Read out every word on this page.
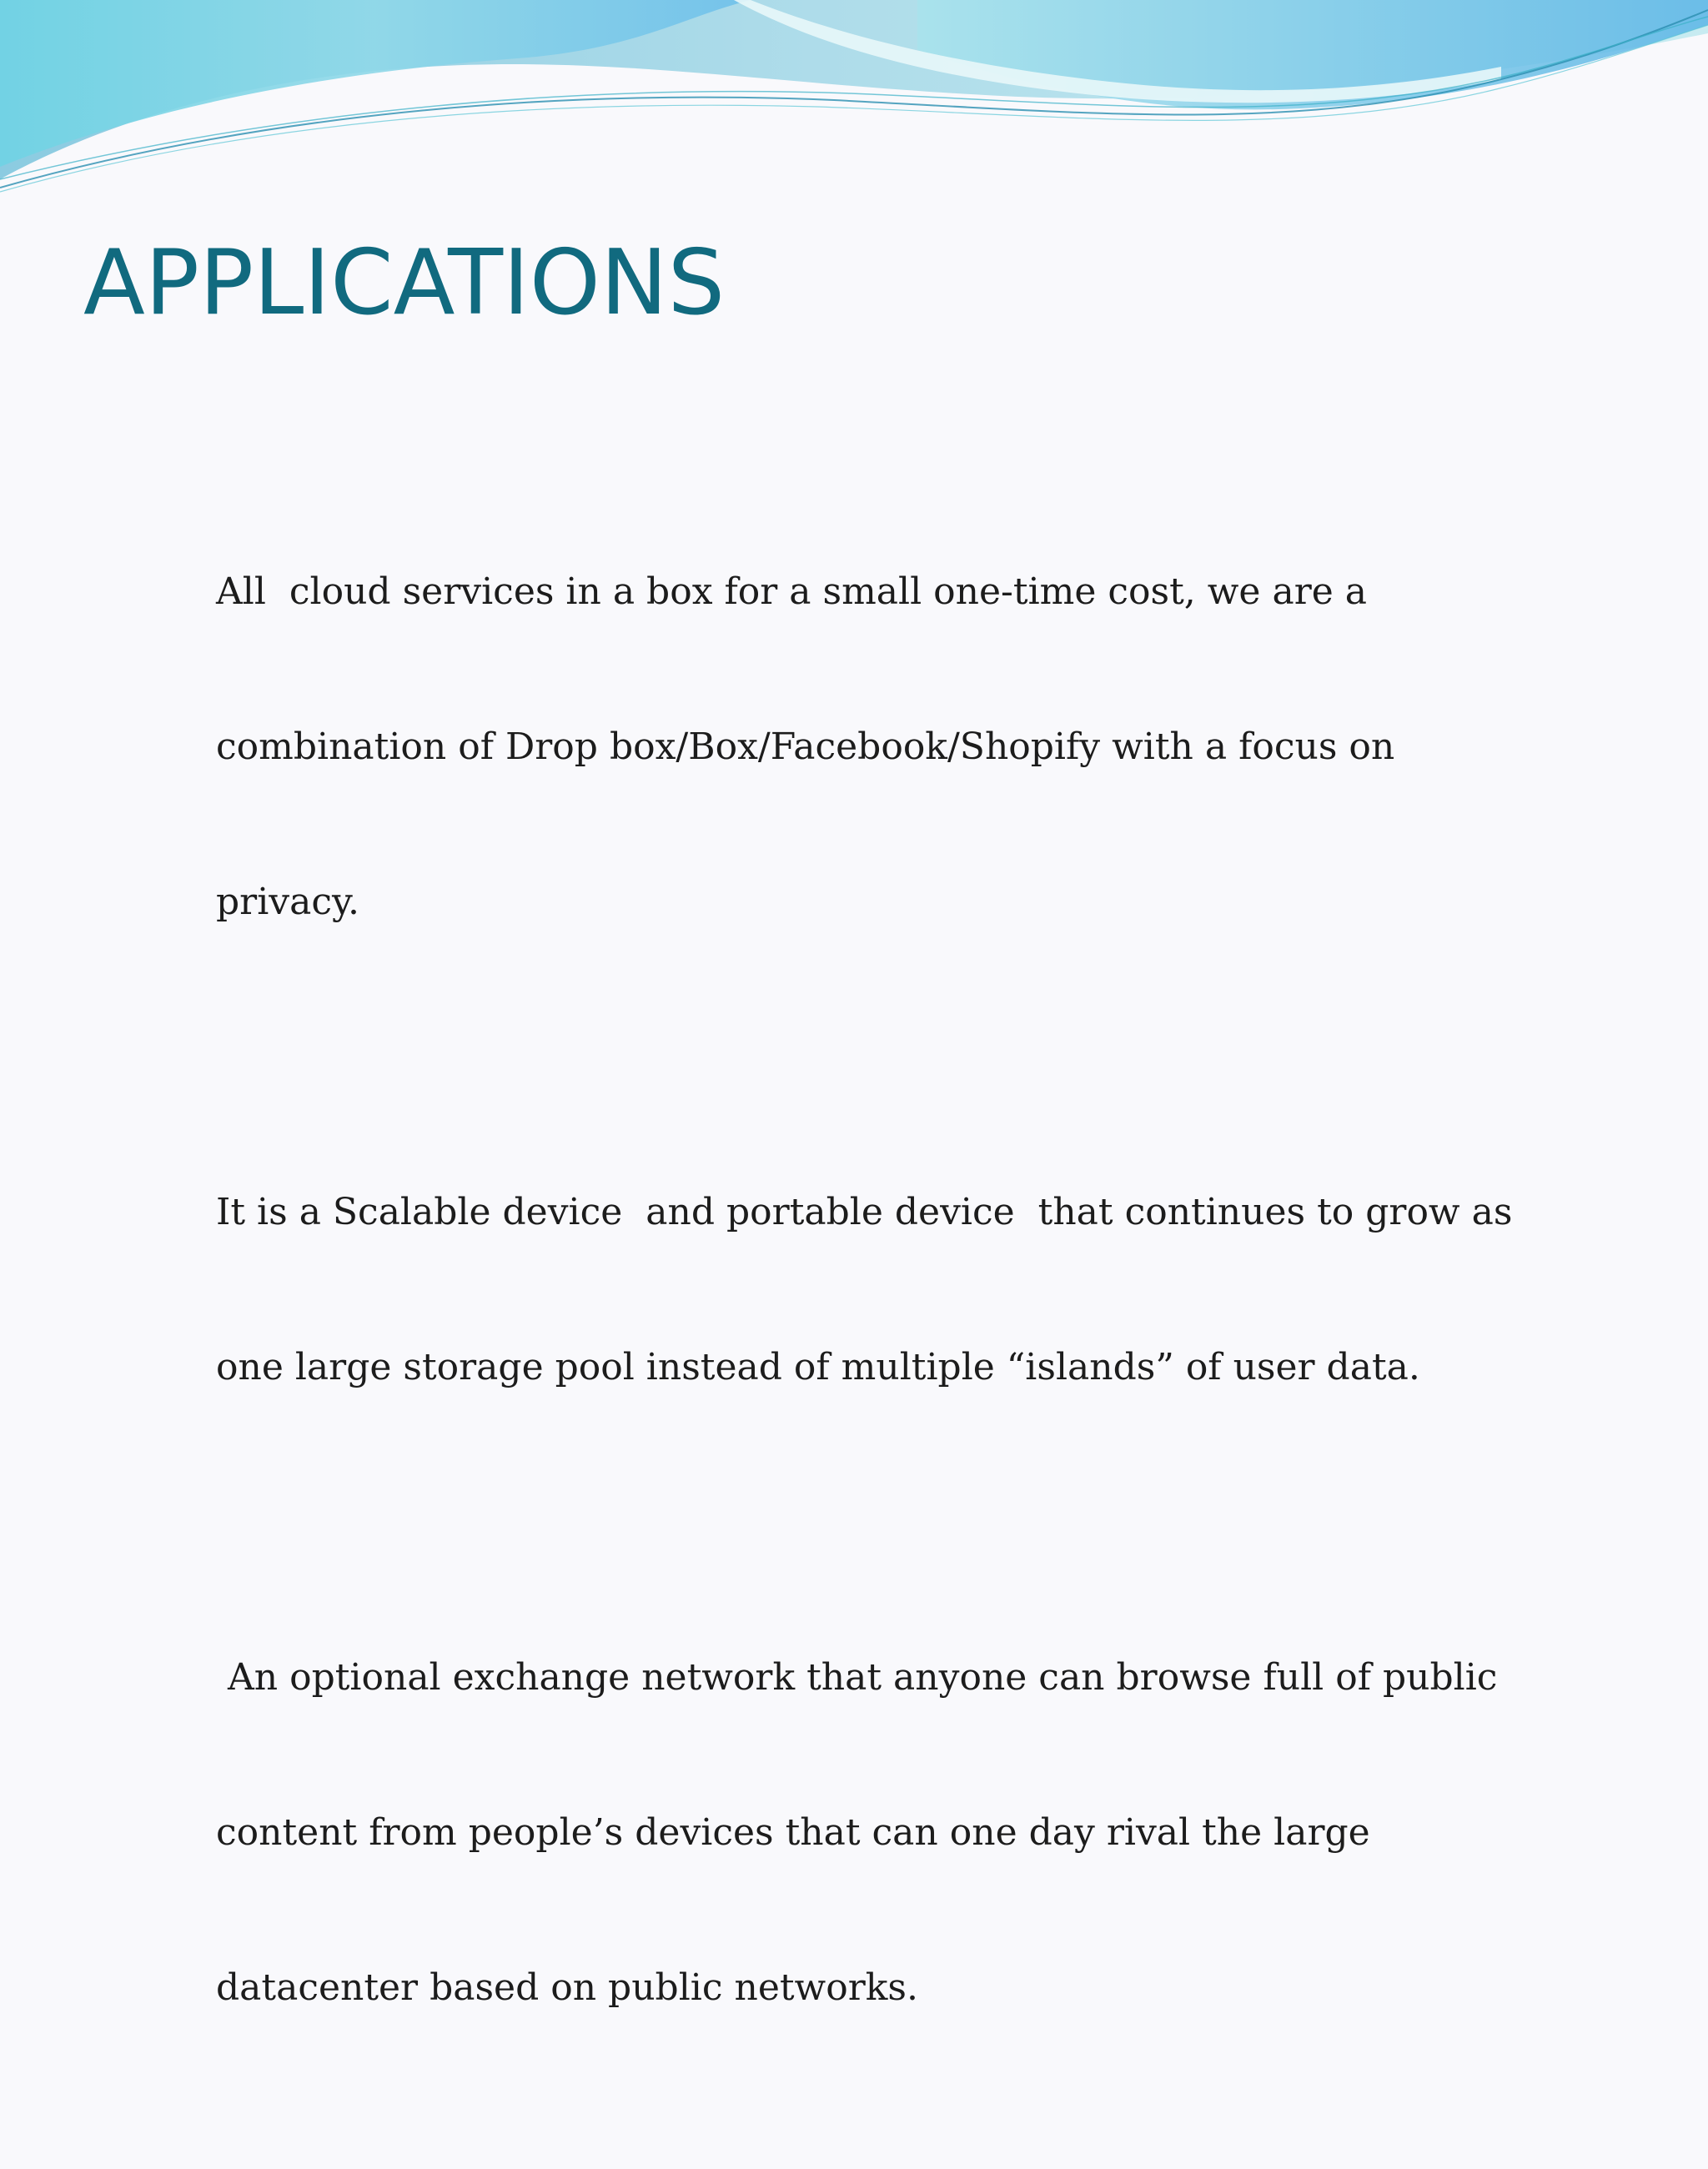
APPLICATIONS

All  cloud services in a box for a small one-time cost, we are a

combination of Drop box/Box/Facebook/Shopify with a focus on

privacy.

It is a Scalable device  and portable device  that continues to grow as

one large storage pool instead of multiple “islands” of user data.

An optional exchange network that anyone can browse full of public

content from people’s devices that can one day rival the large

datacenter based on public networks.
